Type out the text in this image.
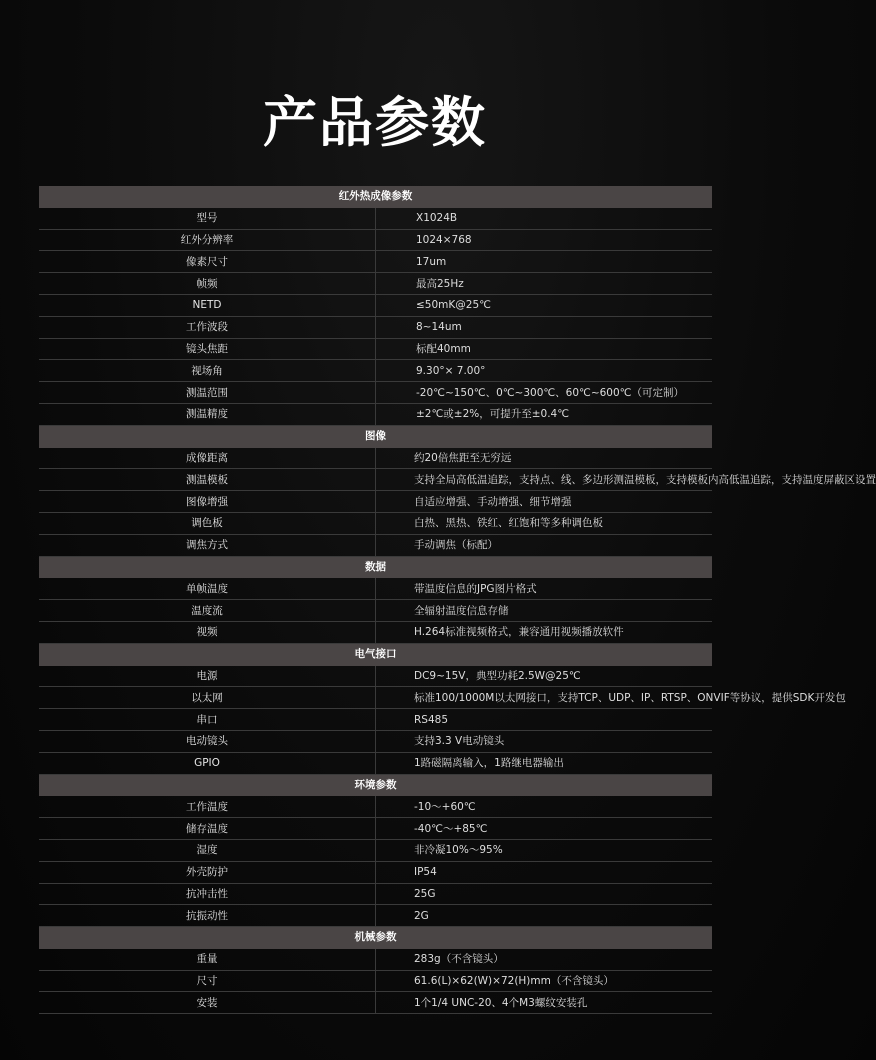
产品参数
红外热成像参数	
型号	X1024B
红外分辨率	1024×768
像素尺寸	17um
帧频	最高25Hz
NETD	≤50mK@25℃
工作波段	8~14um
镜头焦距	标配40mm
视场角	9.30°× 7.00°
测温范围	-20℃~150℃、0℃~300℃、60℃~600℃（可定制）
测温精度	±2℃或±2%，可提升至±0.4℃
图像	
成像距离	约20倍焦距至无穷远
测温模板	支持全局高低温追踪，支持点、线、多边形测温模板，支持模板内高低温追踪，支持温度屏蔽区设置
图像增强	自适应增强、手动增强、细节增强
调色板	白热、黑热、铁红、红饱和等多种调色板
调焦方式	手动调焦（标配）
数据	
单帧温度	带温度信息的JPG图片格式
温度流	全辐射温度信息存储
视频	H.264标准视频格式，兼容通用视频播放软件
电气接口	
电源	DC9~15V，典型功耗2.5W@25℃
以太网	标准100/1000M以太网接口，支持TCP、UDP、IP、RTSP、ONVIF等协议，提供SDK开发包
串口	RS485
电动镜头	支持3.3 V电动镜头
GPIO	1路磁隔离输入，1路继电器输出
环境参数	
工作温度	-10～+60℃
储存温度	-40℃～+85℃
湿度	非冷凝10%～95%
外壳防护	IP54
抗冲击性	25G
抗振动性	2G
机械参数	
重量	283g（不含镜头）
尺寸	61.6(L)×62(W)×72(H)mm（不含镜头）
安装	1个1/4 UNC-20、4个M3螺纹安装孔
